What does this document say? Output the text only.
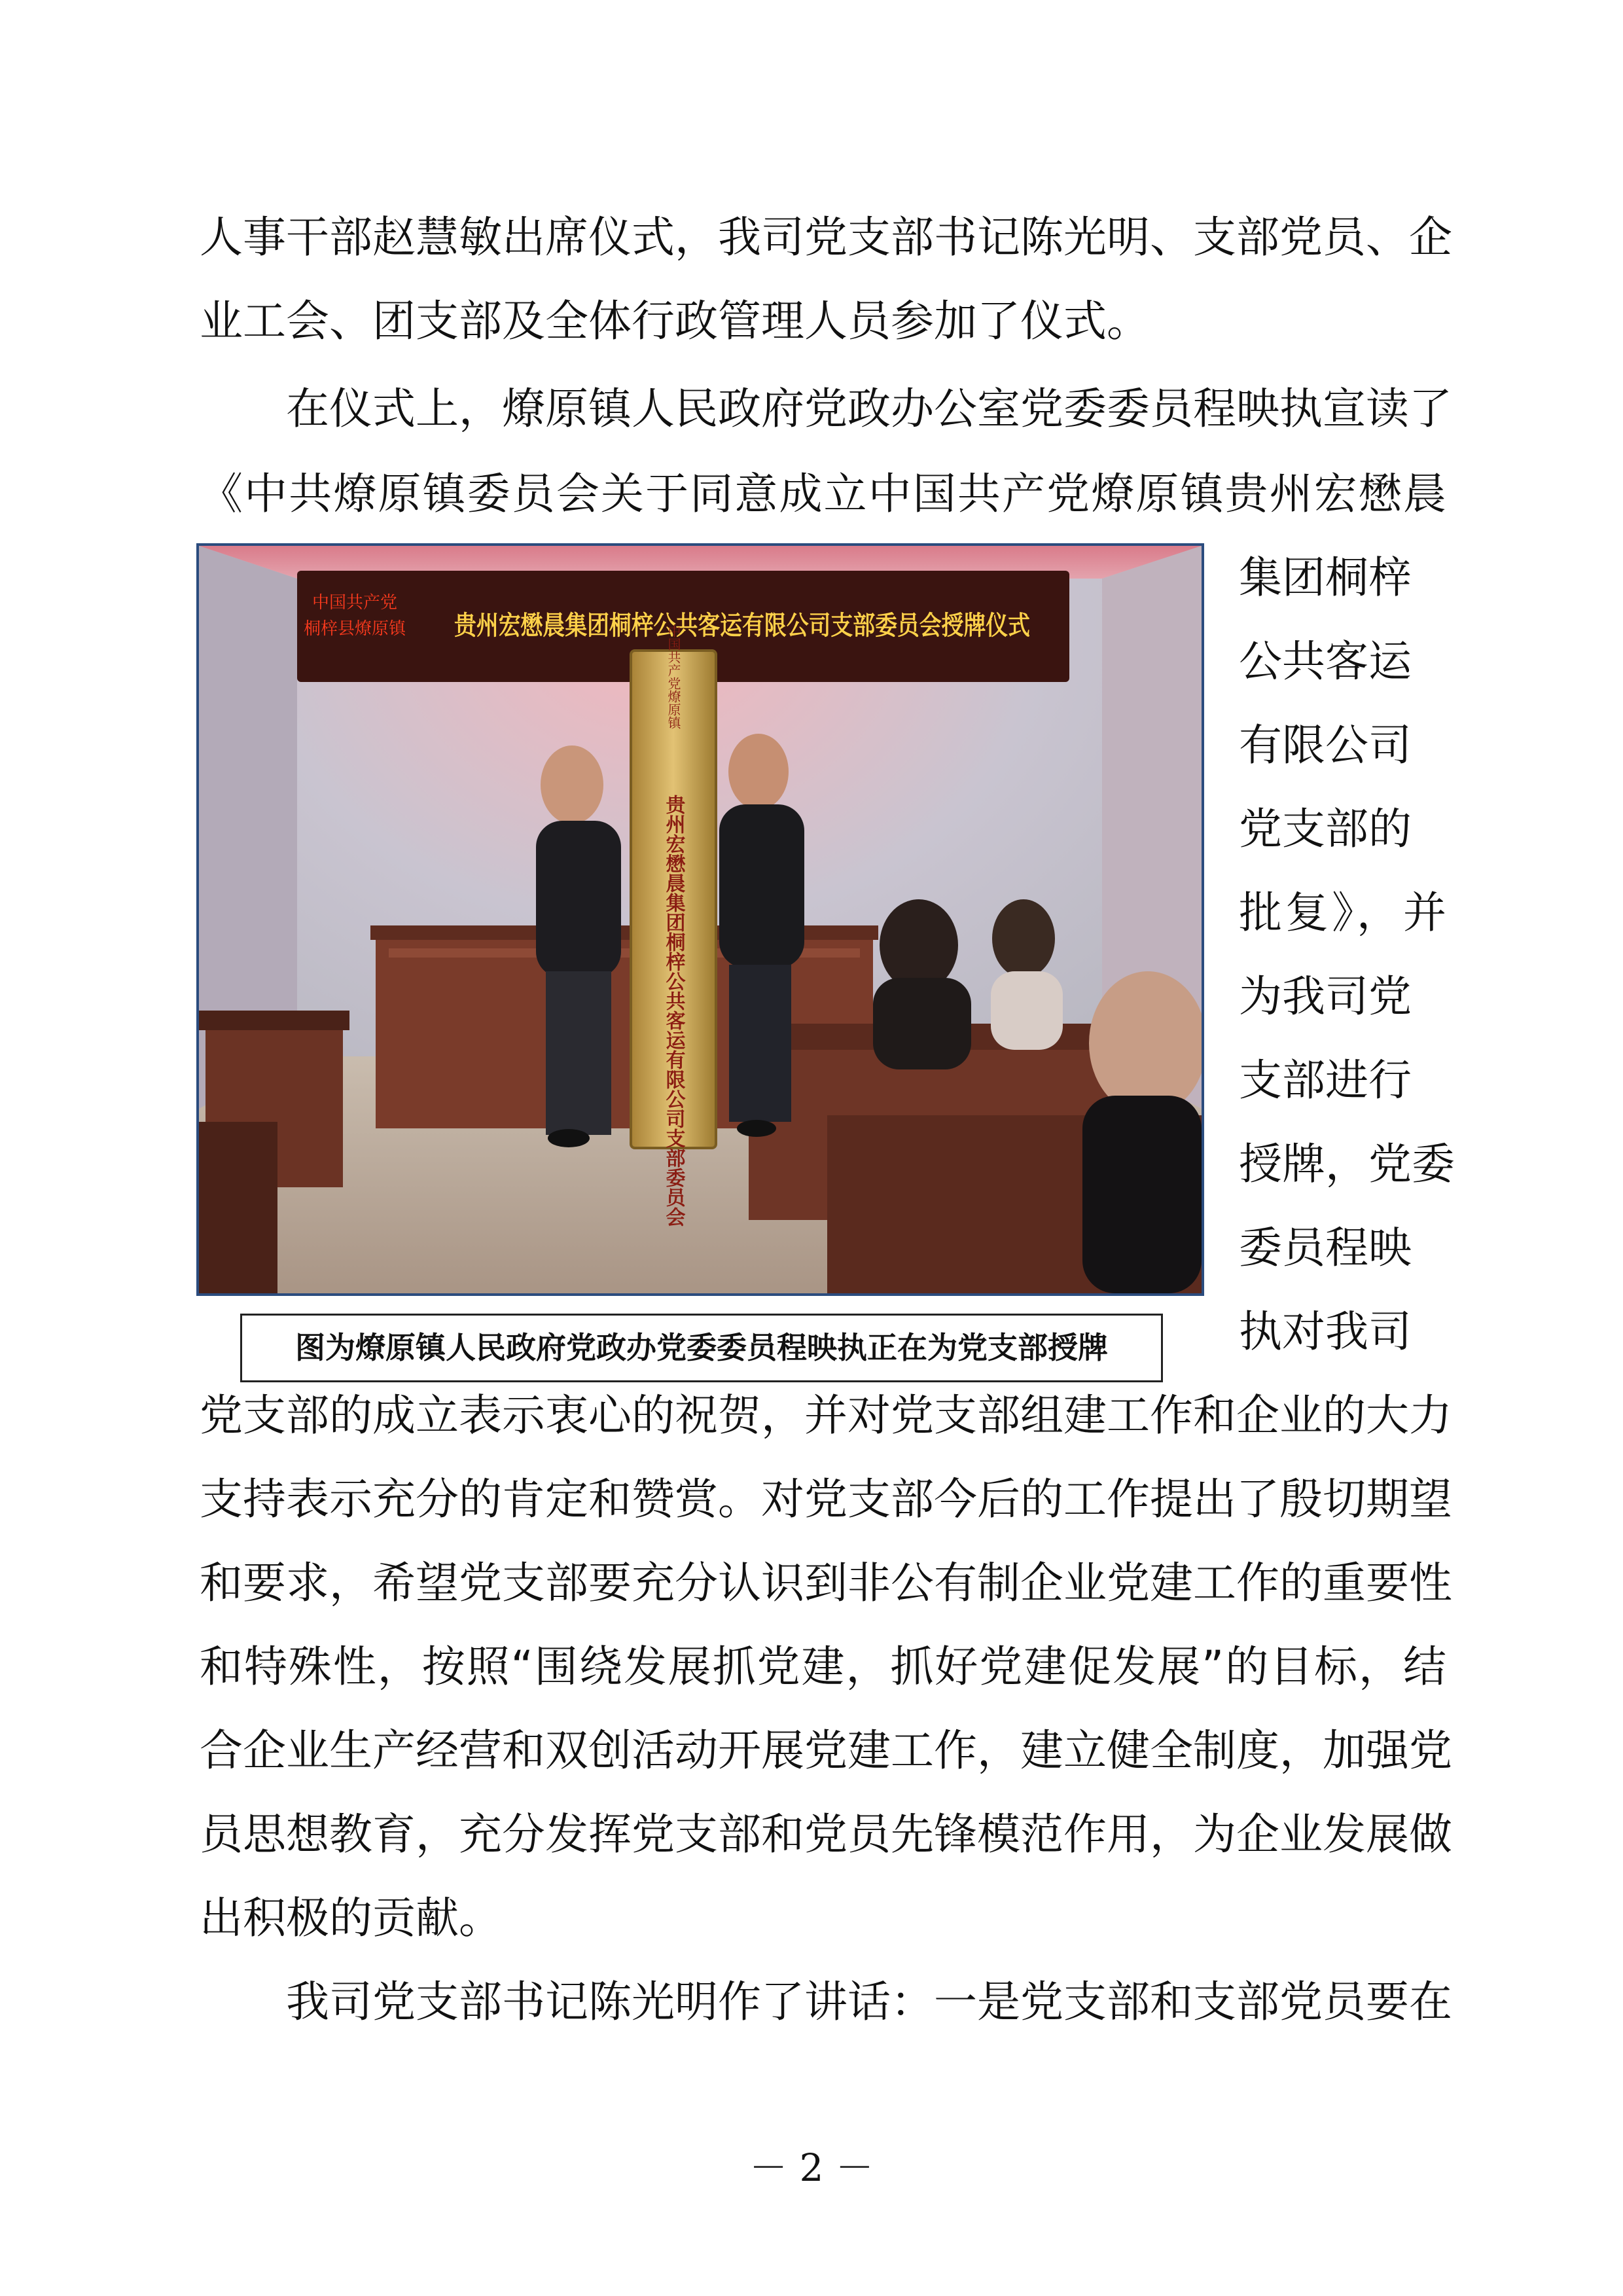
人事干部赵慧敏出席仪式，我司党支部书记陈光明、支部党员、企
业工会、团支部及全体行政管理人员参加了仪式。
在仪式上，燎原镇人民政府党政办公室党委委员程映执宣读了
《中共燎原镇委员会关于同意成立中国共产党燎原镇贵州宏懋晨
集团桐梓
公共客运
有限公司
党支部的
批复》，并
为我司党
支部进行
授牌，党委
委员程映
执对我司
党支部的成立表示衷心的祝贺，并对党支部组建工作和企业的大力
支持表示充分的肯定和赞赏。对党支部今后的工作提出了殷切期望
和要求，希望党支部要充分认识到非公有制企业党建工作的重要性
和特殊性，按照“围绕发展抓党建，抓好党建促发展”的目标，结
合企业生产经营和双创活动开展党建工作，建立健全制度，加强党
员思想教育，充分发挥党支部和党员先锋模范作用，为企业发展做
出积极的贡献。
我司党支部书记陈光明作了讲话：一是党支部和支部党员要在
中国共产党
桐梓县燎原镇 贵州宏懋晨集团桐梓公共客运有限公司支部委员会授牌仪式
中国共产党燎原镇
贵州宏懋晨集团桐梓公共客运有限公司支部委员会
图为燎原镇人民政府党政办党委委员程映执正在为党支部授牌
－ 2 －
